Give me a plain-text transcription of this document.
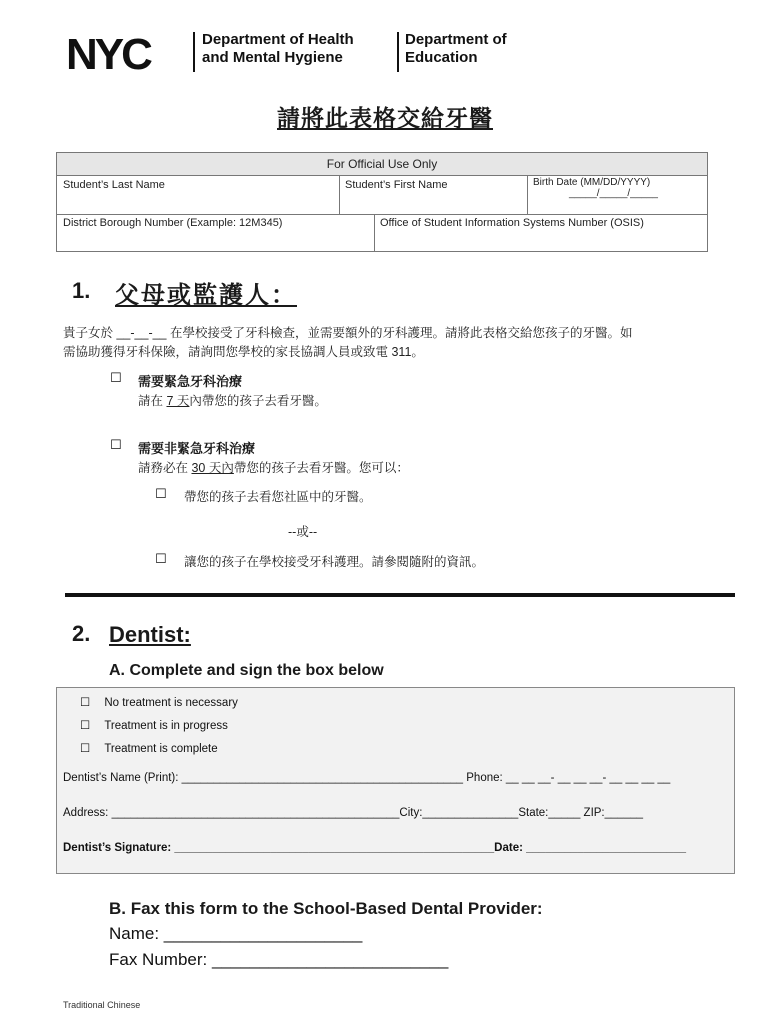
NYC	Department of Health
and Mental Hygiene
Department of
Education
請將此表格交給牙醫
For Official Use Only
Student’s Last Name	Student’s First Name	Birth Date (MM/DD/YYYY)
_____/_____/_____
District Borough Number (Example: 12M345)	Office of Student Information Systems Number (OSIS)
1. 父母或監護人：
貴子女於 __-__-__ 在學校接受了牙科檢查，並需要額外的牙科護理。請將此表格交給您孩子的牙醫。如
需協助獲得牙科保險，請詢問您學校的家長協調人員或致電 311。
☐ 需要緊急牙科治療
請在 7 天內帶您的孩子去看牙醫。
☐ 需要非緊急牙科治療
請務必在 30 天內帶您的孩子去看牙醫。您可以：
☐ 帶您的孩子去看您社區中的牙醫。
--或--
☐ 讓您的孩子在學校接受牙科護理。請參閱隨附的資訊。
2. Dentist:
A. Complete and sign the box below
☐ No treatment is necessary
☐ Treatment is in progress
☐ Treatment is complete
Dentist’s Name (Print): ____________________________________________ Phone: __ __ __- __ __ __- __ __ __ __
Address: _____________________________________________City:_______________State:_____ ZIP:______
Dentist’s Signature: __________________________________________________Date: _________________________
B. Fax this form to the School-Based Dental Provider:
Name: _____________________
Fax Number: _________________________
Traditional Chinese
